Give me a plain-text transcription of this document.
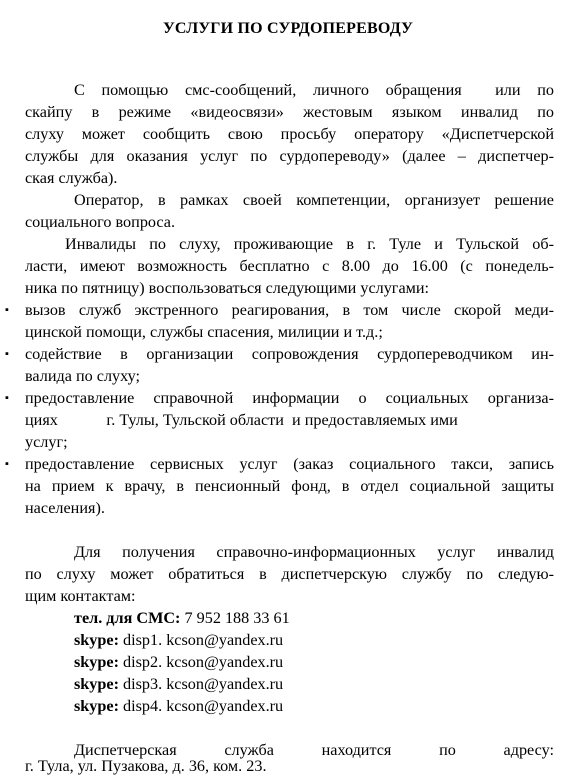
УСЛУГИ ПО СУРДОПЕРЕВОДУ
С помощью смс-сообщений, личного обращения  или по
скайпу в режиме «видеосвязи» жестовым языком инвалид по
слуху может сообщить свою просьбу оператору «Диспетчерской
службы для оказания услуг по сурдопереводу» (далее – диспетчер-
ская служба).
Оператор, в рамках своей компетенции, организует решение
социального вопроса.
Инвалиды по слуху, проживающие в г. Туле и Тульской об-
ласти, имеют возможность бесплатно с 8.00 до 16.00 (с понедель-
ника по пятницу) воспользоваться следующими услугами:
▪ вызов служб экстренного реагирования, в том числе скорой меди-
цинской помощи, службы спасения, милиции и т.д.;
▪ содействие в организации сопровождения сурдопереводчиком ин-
валида по слуху;
▪ предоставление справочной информации о социальных организа-
циях            г. Тулы, Тульской области  и предоставляемых ими
услуг;
▪ предоставление сервисных услуг (заказ социального такси, запись
на прием к врачу, в пенсионный фонд, в отдел социальной защиты
населения).
Для получения справочно-информационных услуг инвалид
по слуху может обратиться в диспетчерскую службу по следую-
щим контактам:
тел. для СМС: 7 952 188 33 61
skype: disp1. kcson@yandex.ru
skype: disp2. kcson@yandex.ru
skype: disp3. kcson@yandex.ru
skype: disp4. kcson@yandex.ru
Диспетчерская          служба          находится          по          адресу:
г. Тула, ул. Пузакова, д. 36, ком. 23.
